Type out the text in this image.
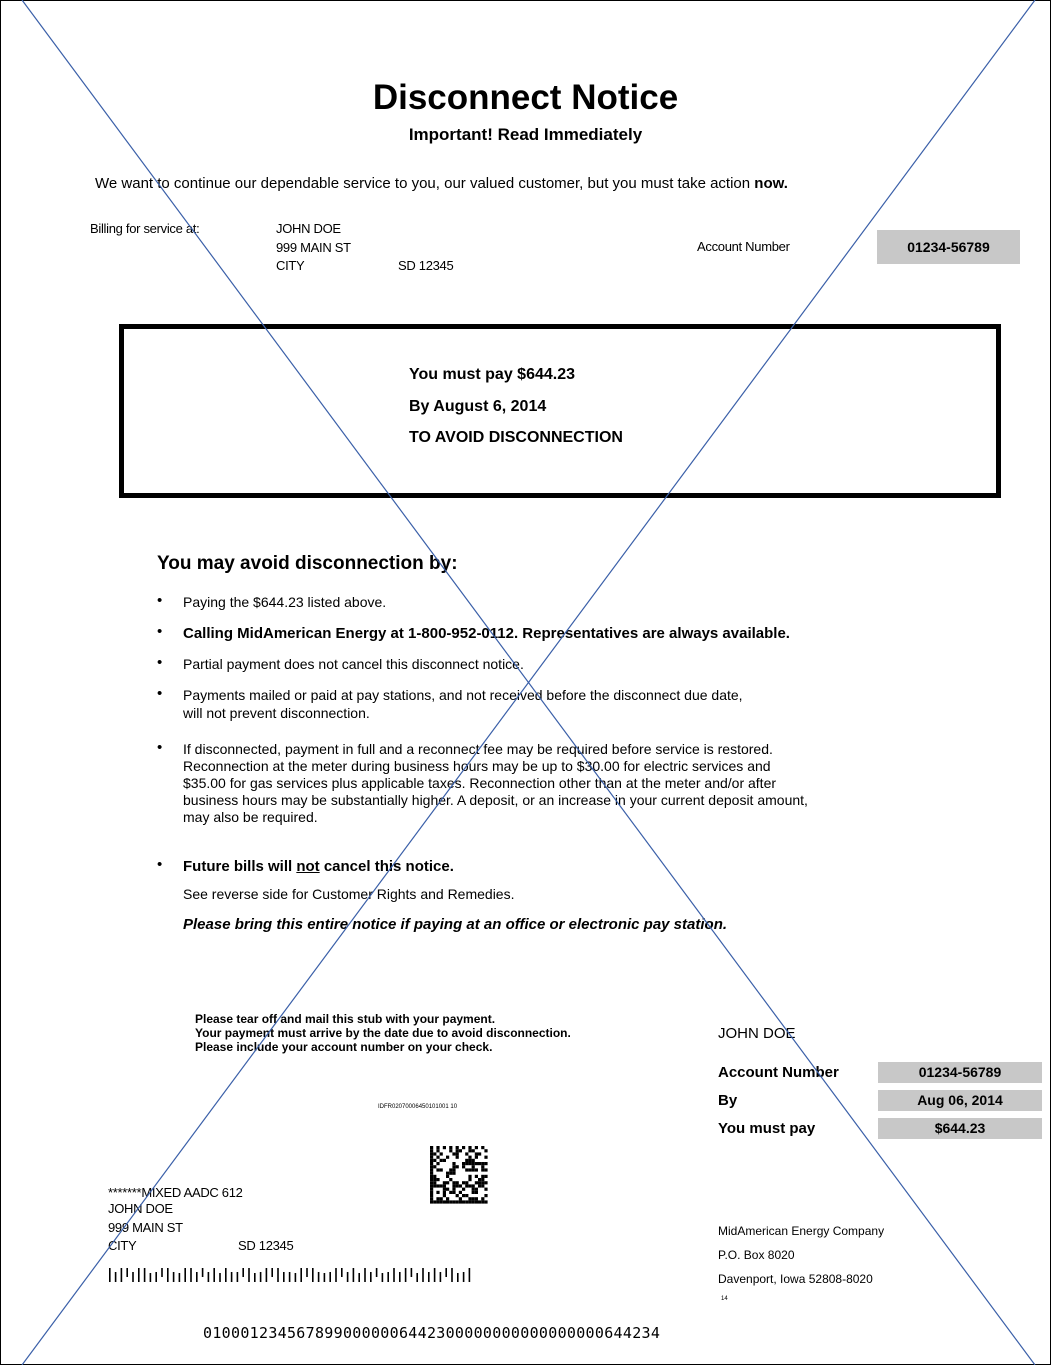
Disconnect Notice
Important! Read Immediately
We want to continue our dependable service to you, our valued customer, but you must take action now.
Billing for service at:	JOHN DOE
999 MAIN ST
CITY	SD 12345
Account Number	01234-56789
You must pay $644.23
By August 6, 2014
TO AVOID DISCONNECTION
You may avoid disconnection by:
• Paying the $644.23 listed above.
• Calling MidAmerican Energy at 1-800-952-0112. Representatives are always available.
• Partial payment does not cancel this disconnect notice.
• Payments mailed or paid at pay stations, and not received before the disconnect due date,
will not prevent disconnection.
• If disconnected, payment in full and a reconnect fee may be required before service is restored.
Reconnection at the meter during business hours may be up to $30.00 for electric services and
$35.00 for gas services plus applicable taxes. Reconnection other than at the meter and/or after
business hours may be substantially higher. A deposit, or an increase in your current deposit amount,
may also be required.
• Future bills will not cancel this notice.
See reverse side for Customer Rights and Remedies.
Please bring this entire notice if paying at an office or electronic pay station.
Please tear off and mail this stub with your payment.
Your payment must arrive by the date due to avoid disconnection.
Please include your account number on your check.
JOHN DOE
Account Number	01234-56789
By	Aug 06, 2014
You must pay	$644.23
IDFR02070006450101001 10
*******MIXED AADC 612
JOHN DOE
999 MAIN ST
CITY	SD 12345
MidAmerican Energy Company
P.O. Box 8020
Davenport, Iowa 52808-8020
14
0100012345678990000006442300000000000000000644234
